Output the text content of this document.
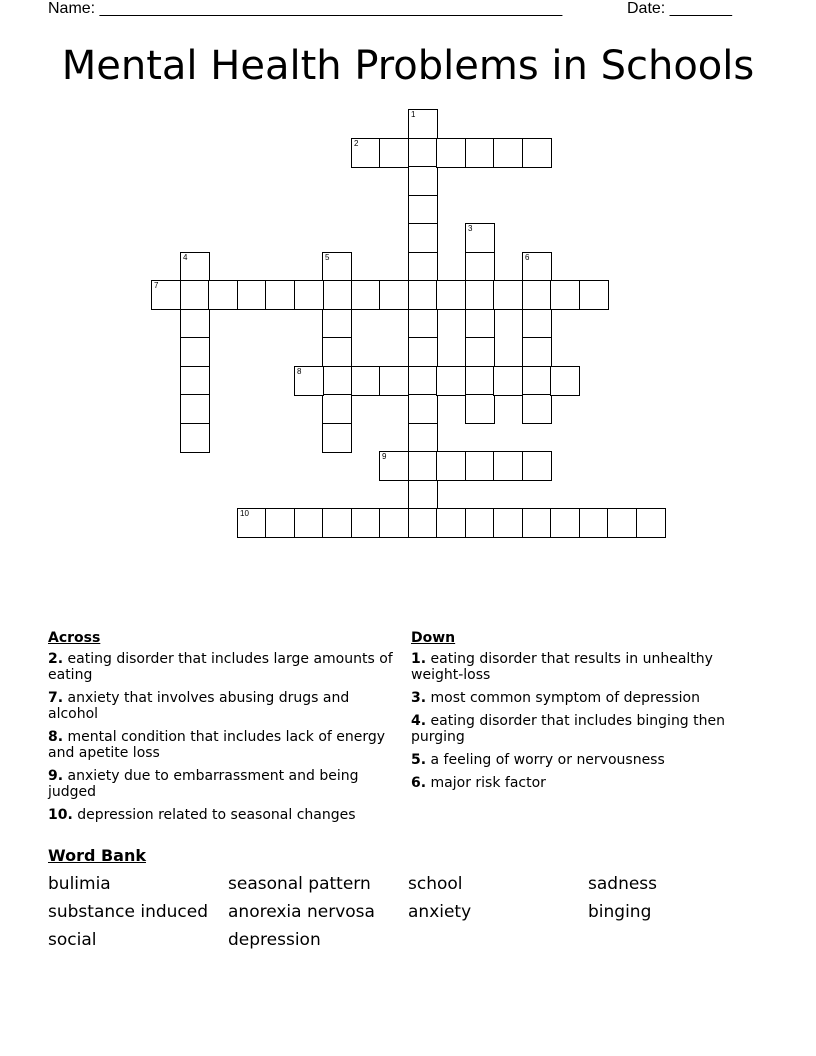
Name: ____________________________________________________	Date: _______
Mental Health Problems in Schools
1
2
3
4	5	6
7
8
9
10
Across
2. eating disorder that includes large amounts of eating
7. anxiety that involves abusing drugs and alcohol
8. mental condition that includes lack of energy and apetite loss
9. anxiety due to embarrassment and being judged
10. depression related to seasonal changes
Down
1. eating disorder that results in unhealthy weight-loss
3. most common symptom of depression
4. eating disorder that includes binging then purging
5. a feeling of worry or nervousness
6. major risk factor
Word Bank
bulimia	seasonal pattern	school	sadness
substance induced	anorexia nervosa	anxiety	binging
social	depression
